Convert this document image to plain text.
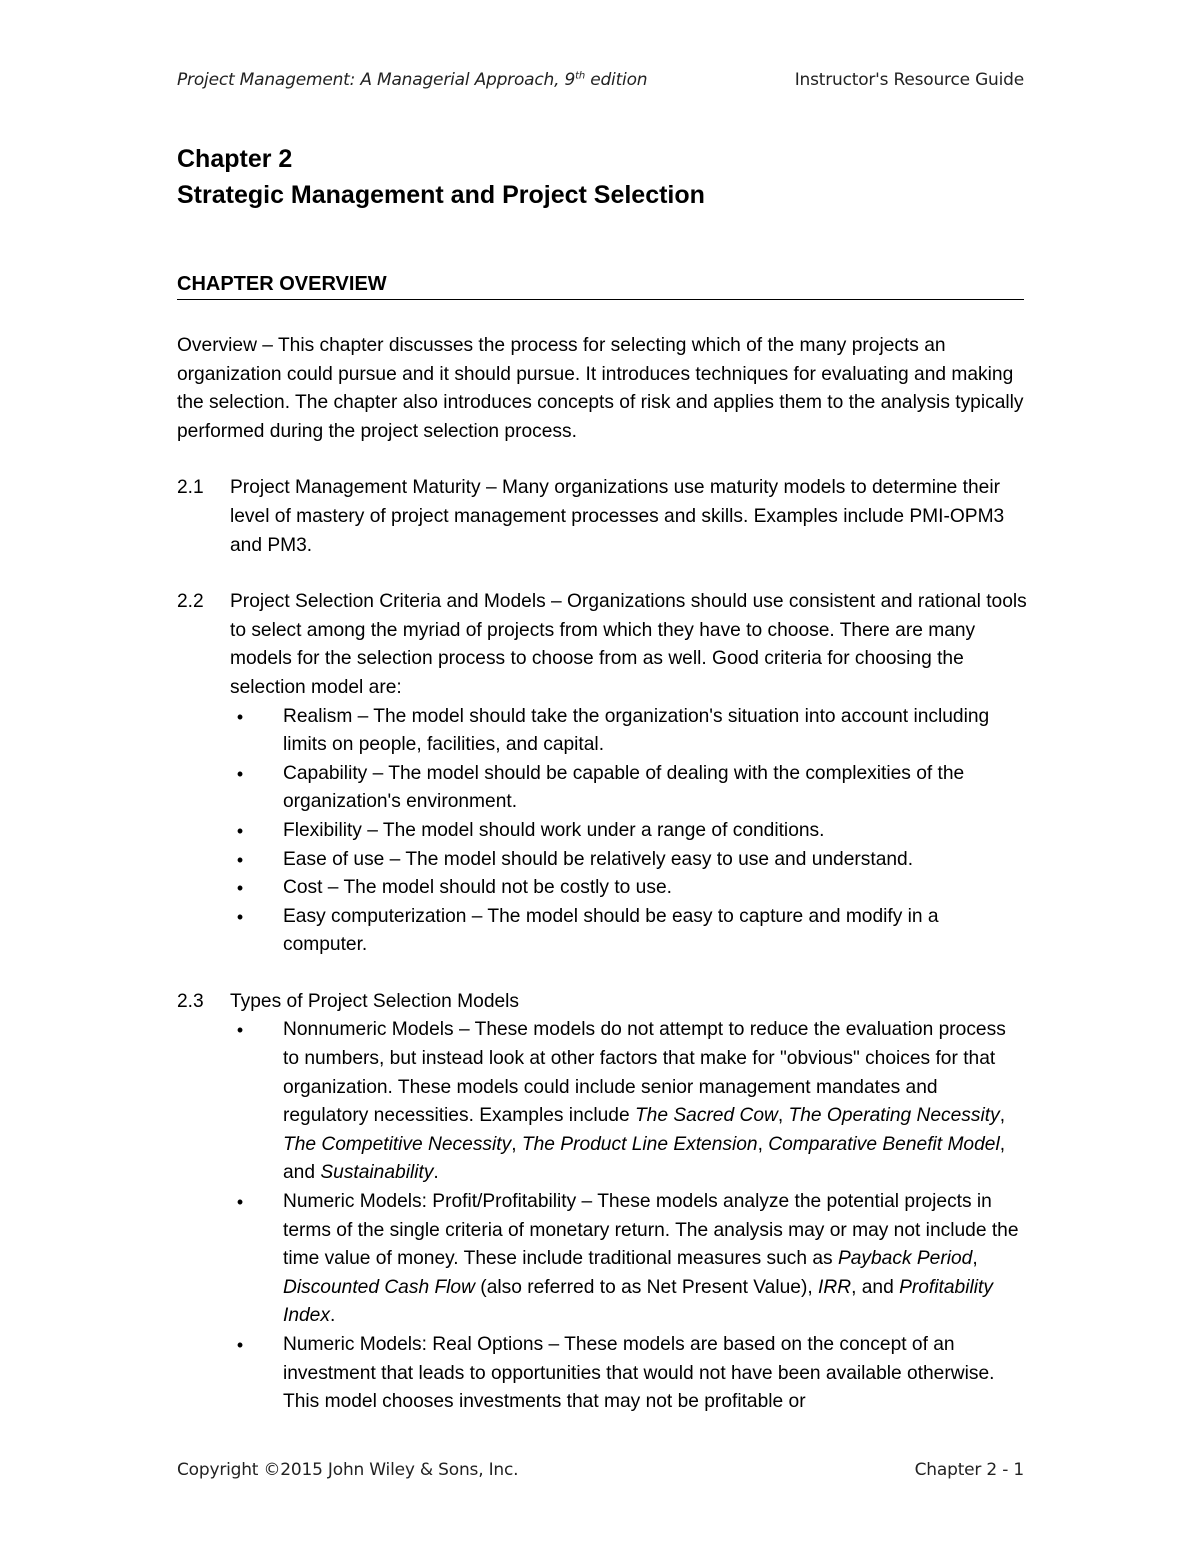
Project Management: A Managerial Approach, 9th edition	Instructor's Resource Guide
Chapter 2
Strategic Management and Project Selection
CHAPTER OVERVIEW

Overview – This chapter discusses the process for selecting which of the many projects an organization could pursue and it should pursue. It introduces techniques for evaluating and making the selection. The chapter also introduces concepts of risk and applies them to the analysis typically performed during the project selection process.

2.1 Project Management Maturity – Many organizations use maturity models to determine their level of mastery of project management processes and skills. Examples include PMI-OPM3 and PM3.
2.2 Project Selection Criteria and Models – Organizations should use consistent and rational tools to select among the myriad of projects from which they have to choose. There are many models for the selection process to choose from as well. Good criteria for choosing the selection model are:
•	Realism – The model should take the organization's situation into account including limits on people, facilities, and capital.
•	Capability – The model should be capable of dealing with the complexities of the organization's environment.
•	Flexibility – The model should work under a range of conditions.
•	Ease of use – The model should be relatively easy to use and understand.
•	Cost – The model should not be costly to use.
•	Easy computerization – The model should be easy to capture and modify in a computer.
2.3 Types of Project Selection Models
•	Nonnumeric Models – These models do not attempt to reduce the evaluation process to numbers, but instead look at other factors that make for "obvious" choices for that organization. These models could include senior management mandates and regulatory necessities. Examples include The Sacred Cow, The Operating Necessity, The Competitive Necessity, The Product Line Extension, Comparative Benefit Model, and Sustainability.
•	Numeric Models: Profit/Profitability – These models analyze the potential projects in terms of the single criteria of monetary return. The analysis may or may not include the time value of money. These include traditional measures such as Payback Period, Discounted Cash Flow (also referred to as Net Present Value), IRR, and Profitability Index.
•	Numeric Models: Real Options – These models are based on the concept of an investment that leads to opportunities that would not have been available otherwise. This model chooses investments that may not be profitable or
Copyright ©2015 John Wiley & Sons, Inc.	Chapter 2 - 1
